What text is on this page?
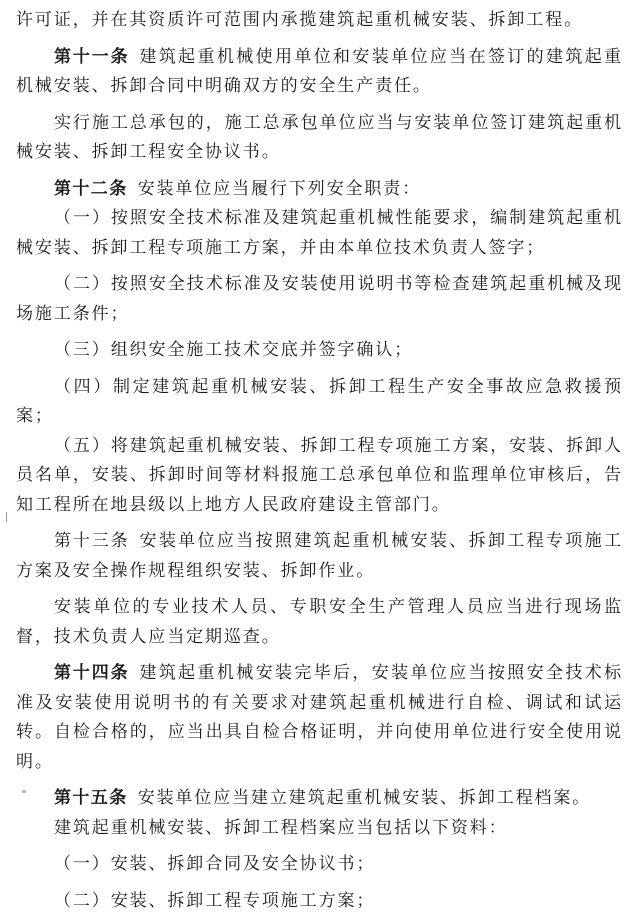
许可证，并在其资质许可范围内承揽建筑起重机械安装、拆卸工程。

第十一条 建筑起重机械使用单位和安装单位应当在签订的建筑起重机械安装、拆卸合同中明确双方的安全生产责任。

实行施工总承包的，施工总承包单位应当与安装单位签订建筑起重机械安装、拆卸工程安全协议书。

第十二条 安装单位应当履行下列安全职责：

（一）按照安全技术标准及建筑起重机械性能要求，编制建筑起重机械安装、拆卸工程专项施工方案，并由本单位技术负责人签字；

（二）按照安全技术标准及安装使用说明书等检查建筑起重机械及现场施工条件；

（三）组织安全施工技术交底并签字确认；

（四）制定建筑起重机械安装、拆卸工程生产安全事故应急救援预案；

（五）将建筑起重机械安装、拆卸工程专项施工方案，安装、拆卸人员名单，安装、拆卸时间等材料报施工总承包单位和监理单位审核后，告知工程所在地县级以上地方人民政府建设主管部门。

第十三条 安装单位应当按照建筑起重机械安装、拆卸工程专项施工方案及安全操作规程组织安装、拆卸作业。

安装单位的专业技术人员、专职安全生产管理人员应当进行现场监督，技术负责人应当定期巡查。

第十四条 建筑起重机械安装完毕后，安装单位应当按照安全技术标准及安装使用说明书的有关要求对建筑起重机械进行自检、调试和试运转。自检合格的，应当出具自检合格证明，并向使用单位进行安全使用说明。

第十五条 安装单位应当建立建筑起重机械安装、拆卸工程档案。

建筑起重机械安装、拆卸工程档案应当包括以下资料：

（一）安装、拆卸合同及安全协议书；

（二）安装、拆卸工程专项施工方案；
